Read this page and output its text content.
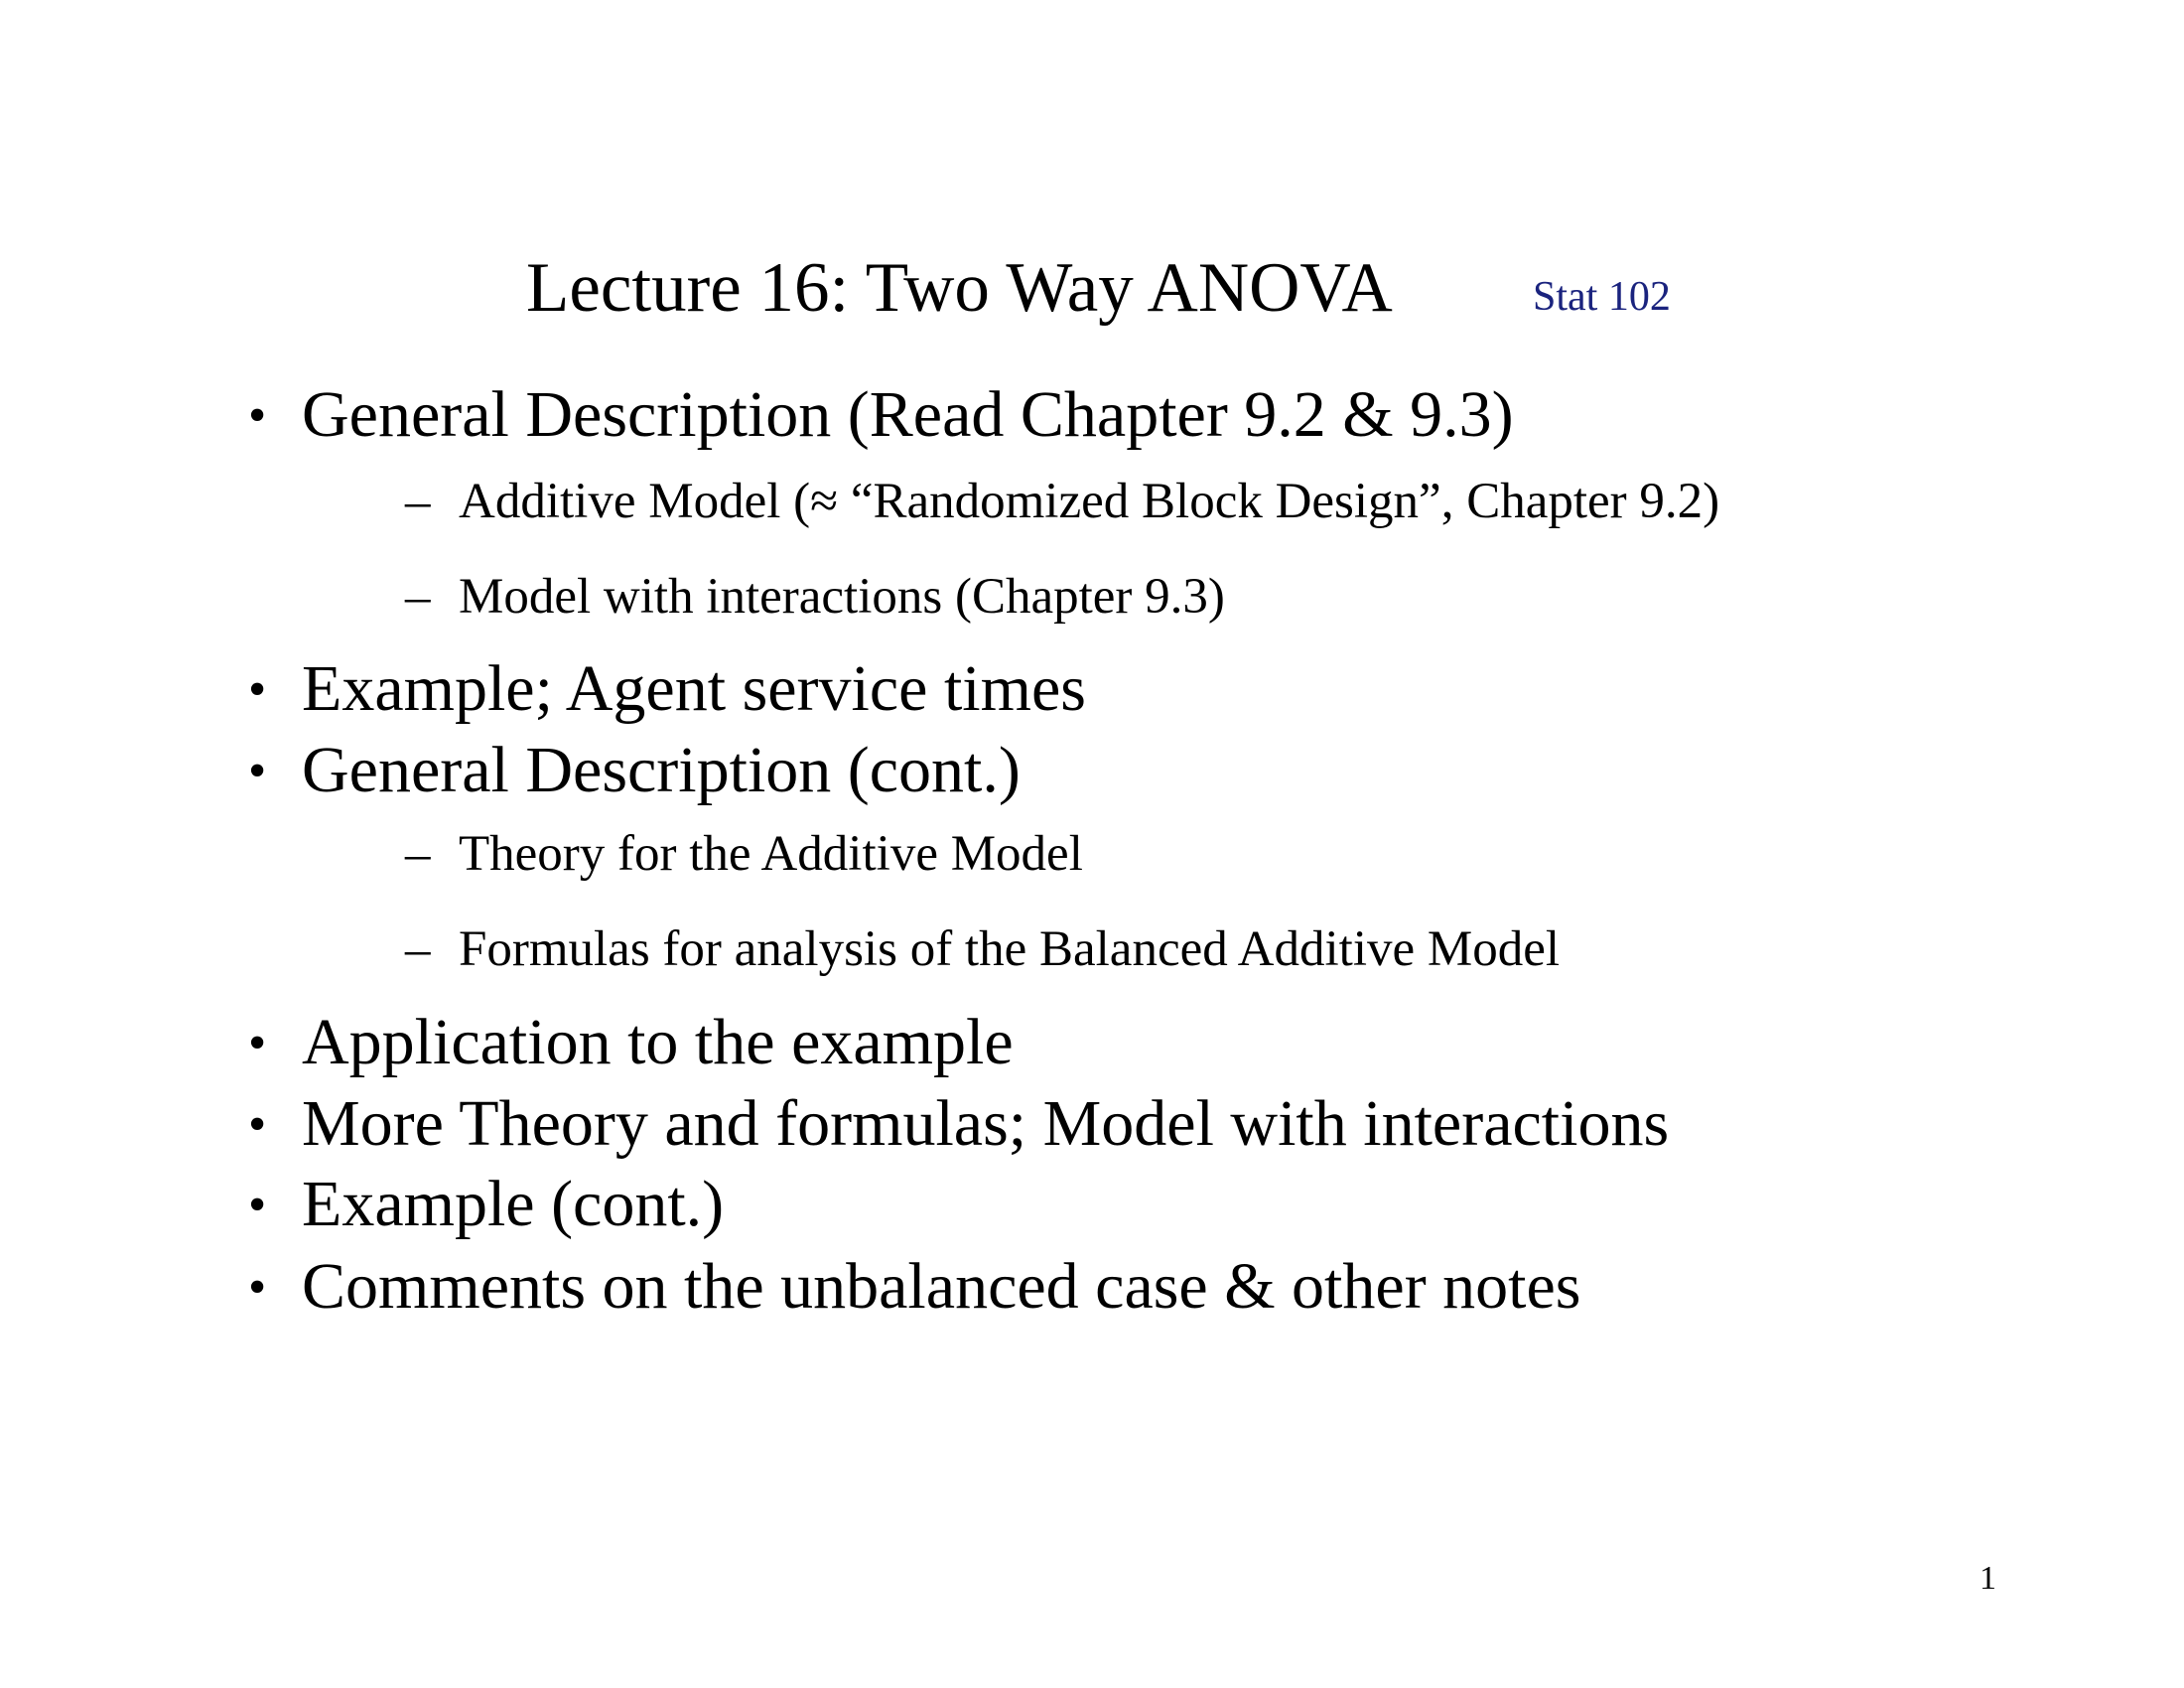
Lecture 16: Two Way ANOVA	Stat 102
• General Description (Read Chapter 9.2 & 9.3)
– Additive Model (≈ “Randomized Block Design”, Chapter 9.2)
– Model with interactions (Chapter 9.3)
• Example; Agent service times
• General Description (cont.)
– Theory for the Additive Model
– Formulas for analysis of the Balanced Additive Model
• Application to the example
• More Theory and formulas; Model with interactions
• Example (cont.)
• Comments on the unbalanced case & other notes
1
